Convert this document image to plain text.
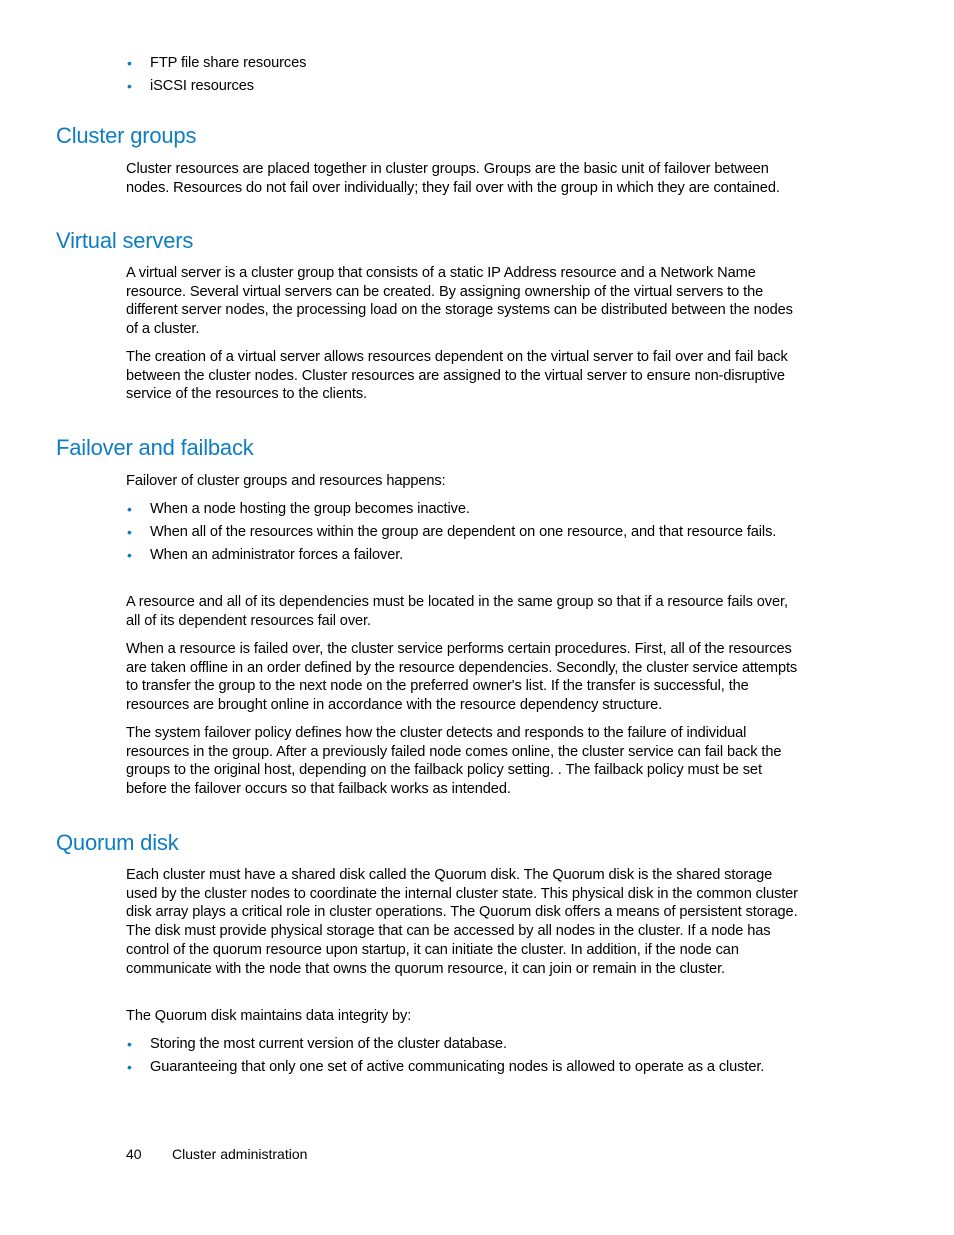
• FTP file share resources
• iSCSI resources
Cluster groups

Cluster resources are placed together in cluster groups. Groups are the basic unit of failover between nodes. Resources do not fail over individually; they fail over with the group in which they are contained.

Virtual servers

A virtual server is a cluster group that consists of a static IP Address resource and a Network Name resource. Several virtual servers can be created. By assigning ownership of the virtual servers to the different server nodes, the processing load on the storage systems can be distributed between the nodes of a cluster.

The creation of a virtual server allows resources dependent on the virtual server to fail over and fail back between the cluster nodes. Cluster resources are assigned to the virtual server to ensure non-disruptive service of the resources to the clients.

Failover and failback

Failover of cluster groups and resources happens:

• When a node hosting the group becomes inactive.
• When all of the resources within the group are dependent on one resource, and that resource fails.
• When an administrator forces a failover.

A resource and all of its dependencies must be located in the same group so that if a resource fails over, all of its dependent resources fail over.

When a resource is failed over, the cluster service performs certain procedures. First, all of the resources are taken offline in an order defined by the resource dependencies. Secondly, the cluster service attempts to transfer the group to the next node on the preferred owner's list. If the transfer is successful, the resources are brought online in accordance with the resource dependency structure.

The system failover policy defines how the cluster detects and responds to the failure of individual resources in the group. After a previously failed node comes online, the cluster service can fail back the groups to the original host, depending on the failback policy setting. . The failback policy must be set before the failover occurs so that failback works as intended.

Quorum disk

Each cluster must have a shared disk called the Quorum disk. The Quorum disk is the shared storage used by the cluster nodes to coordinate the internal cluster state. This physical disk in the common cluster disk array plays a critical role in cluster operations. The Quorum disk offers a means of persistent storage. The disk must provide physical storage that can be accessed by all nodes in the cluster. If a node has control of the quorum resource upon startup, it can initiate the cluster. In addition, if the node can communicate with the node that owns the quorum resource, it can join or remain in the cluster.

The Quorum disk maintains data integrity by:

• Storing the most current version of the cluster database.
• Guaranteeing that only one set of active communicating nodes is allowed to operate as a cluster.
40 Cluster administration
